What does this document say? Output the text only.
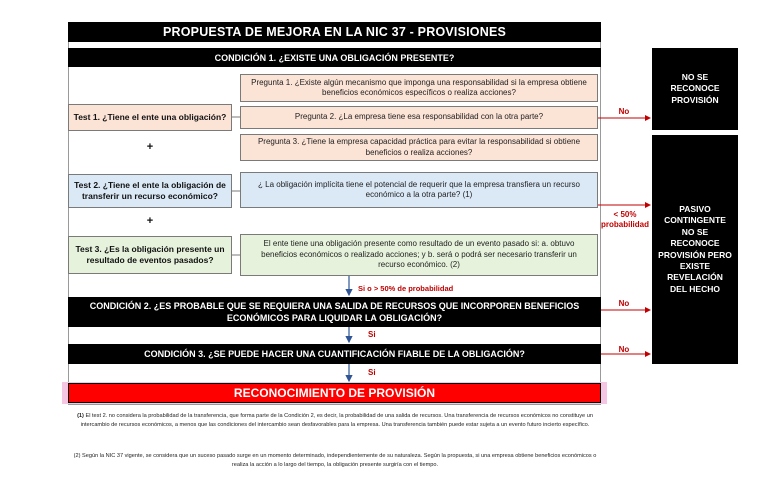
PROPUESTA DE MEJORA EN LA NIC 37 - PROVISIONES
CONDICIÓN 1. ¿EXISTE UNA OBLIGACIÓN PRESENTE?
Pregunta 1. ¿Existe algún mecanismo que imponga una responsabilidad si la empresa obtiene beneficios económicos específicos o realiza acciones?
Pregunta 2. ¿La empresa tiene esa responsabilidad con la otra parte?
Pregunta 3. ¿Tiene la empresa capacidad práctica para evitar la responsabilidad si obtiene beneficios o realiza acciones?
Test 1. ¿Tiene el ente una obligación?
+
+
Test 2. ¿Tiene el ente la obligación de transferir un recurso económico?
¿ La obligación implícita tiene el potencial de requerir que la empresa transfiera un recurso económico a la otra parte? (1)
Test 3. ¿Es la obligación presente un resultado de eventos pasados?
El ente tiene una obligación presente como resultado de un evento pasado si: a. obtuvo beneficios económicos o realizado acciones; y b. será o podrá ser necesario transferir un recurso económico. (2)
Si o > 50% de probabilidad
CONDICIÓN 2. ¿ES PROBABLE QUE SE REQUIERA UNA SALIDA DE RECURSOS QUE INCORPOREN BENEFICIOS ECONÓMICOS PARA LIQUIDAR LA OBLIGACIÓN?
Si
CONDICIÓN 3. ¿SE PUEDE HACER UNA CUANTIFICACIÓN FIABLE DE LA OBLIGACIÓN?
Si
RECONOCIMIENTO DE PROVISIÓN
NO SE RECONOCE PROVISIÓN
PASIVO CONTINGENTE NO SE RECONOCE PROVISIÓN PERO EXISTE REVELACIÓN DEL HECHO
No
< 50% probabilidad
No
No
(1) El test 2. no considera la probabilidad de la transferencia, que forma parte de la Condición 2, es decir, la probabilidad de una salida de recursos. Una transferencia de recursos económicos no constituye un intercambio de recursos económicos, a menos que las condiciones del intercambio sean desfavorables para la empresa. Una transferencia también puede estar sujeta a un evento futuro incierto específico.
(2) Según la NIC 37 vigente, se considera que un suceso pasado surge en un momento determinado, independientemente de su naturaleza. Según la propuesta, si una empresa obtiene beneficios económicos o realiza la acción a lo largo del tiempo, la obligación presente surgiría con el tiempo.
